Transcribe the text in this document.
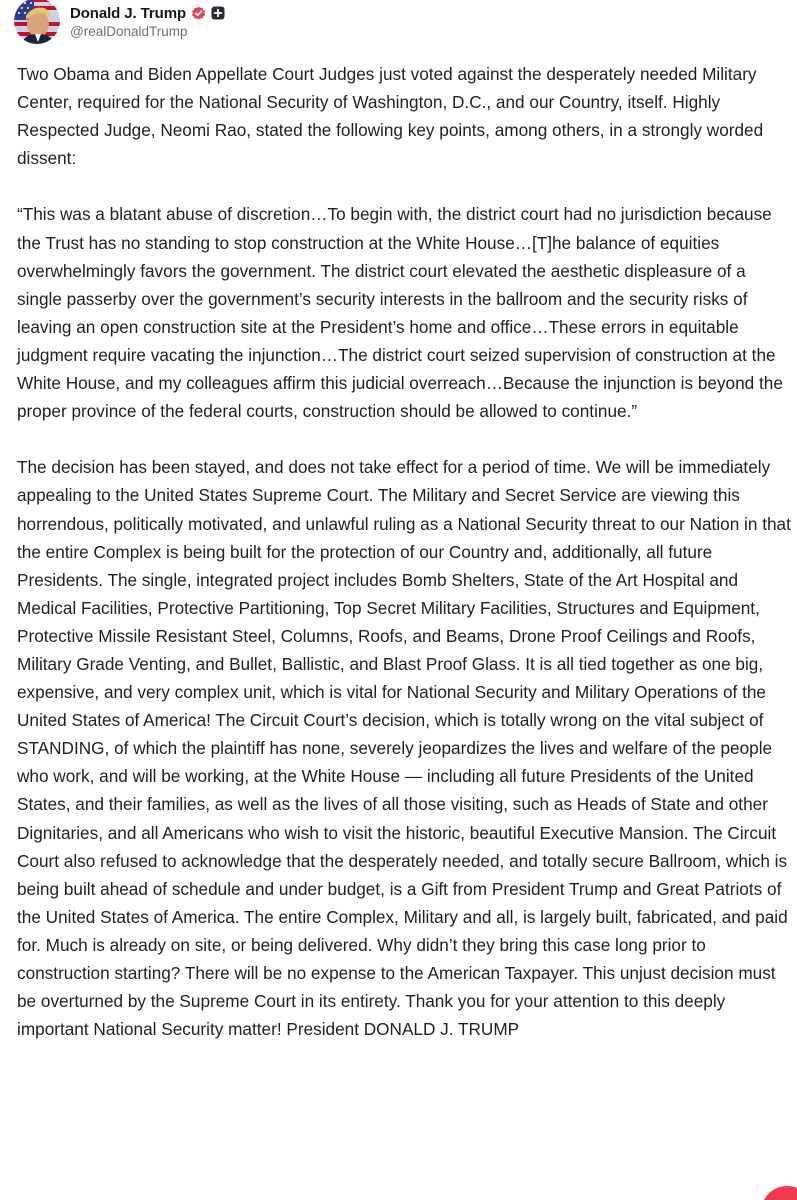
Donald J. Trump
@realDonaldTrump

Two Obama and Biden Appellate Court Judges just voted against the desperately needed Military Center, required for the National Security of Washington, D.C., and our Country, itself. Highly Respected Judge, Neomi Rao, stated the following key points, among others, in a strongly worded dissent:

“This was a blatant abuse of discretion…To begin with, the district court had no jurisdiction because the Trust has no standing to stop construction at the White House…[T]he balance of equities overwhelmingly favors the government. The district court elevated the aesthetic displeasure of a single passerby over the government’s security interests in the ballroom and the security risks of leaving an open construction site at the President’s home and office…These errors in equitable judgment require vacating the injunction…The district court seized supervision of construction at the White House, and my colleagues affirm this judicial overreach…Because the injunction is beyond the proper province of the federal courts, construction should be allowed to continue.”

The decision has been stayed, and does not take effect for a period of time. We will be immediately appealing to the United States Supreme Court. The Military and Secret Service are viewing this horrendous, politically motivated, and unlawful ruling as a National Security threat to our Nation in that the entire Complex is being built for the protection of our Country and, additionally, all future Presidents. The single, integrated project includes Bomb Shelters, State of the Art Hospital and Medical Facilities, Protective Partitioning, Top Secret Military Facilities, Structures and Equipment, Protective Missile Resistant Steel, Columns, Roofs, and Beams, Drone Proof Ceilings and Roofs, Military Grade Venting, and Bullet, Ballistic, and Blast Proof Glass. It is all tied together as one big, expensive, and very complex unit, which is vital for National Security and Military Operations of the United States of America! The Circuit Court’s decision, which is totally wrong on the vital subject of STANDING, of which the plaintiff has none, severely jeopardizes the lives and welfare of the people who work, and will be working, at the White House — including all future Presidents of the United States, and their families, as well as the lives of all those visiting, such as Heads of State and other Dignitaries, and all Americans who wish to visit the historic, beautiful Executive Mansion. The Circuit Court also refused to acknowledge that the desperately needed, and totally secure Ballroom, which is being built ahead of schedule and under budget, is a Gift from President Trump and Great Patriots of the United States of America. The entire Complex, Military and all, is largely built, fabricated, and paid for. Much is already on site, or being delivered. Why didn’t they bring this case long prior to construction starting? There will be no expense to the American Taxpayer. This unjust decision must be overturned by the Supreme Court in its entirety. Thank you for your attention to this deeply important National Security matter! President DONALD J. TRUMP
